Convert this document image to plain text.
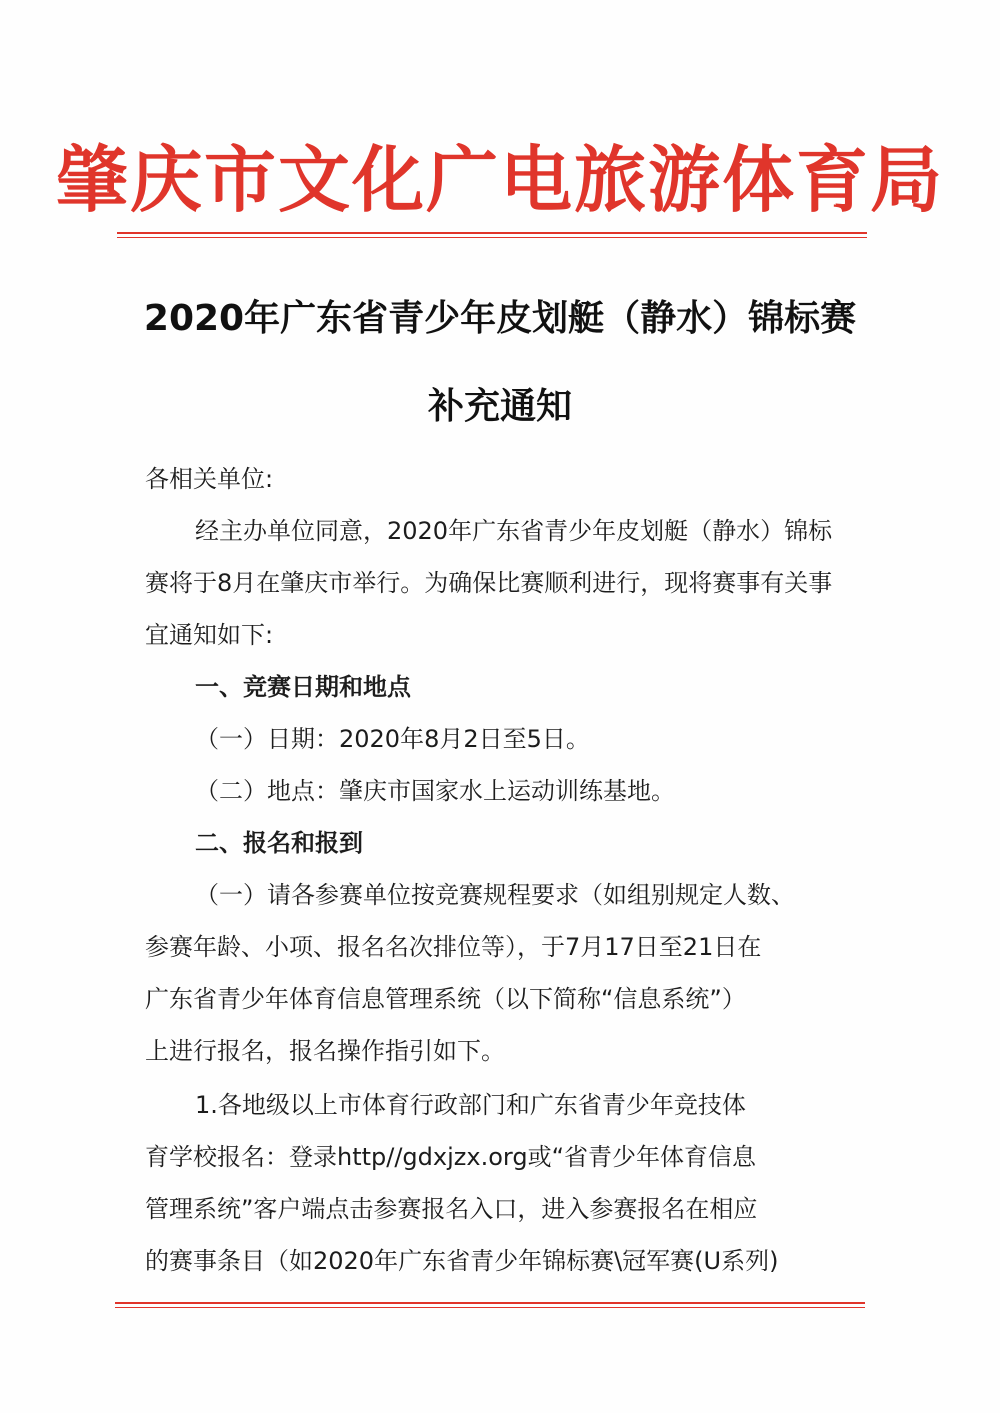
肇庆市文化广电旅游体育局
2020年广东省青少年皮划艇（静水）锦标赛
补充通知
各相关单位:
经主办单位同意，2020年广东省青少年皮划艇（静水）锦标
赛将于8月在肇庆市举行。为确保比赛顺利进行，现将赛事有关事
宜通知如下:
一、竞赛日期和地点
（一）日期：2020年8月2日至5日。
（二）地点：肇庆市国家水上运动训练基地。
二、报名和报到
（一）请各参赛单位按竞赛规程要求（如组别规定人数、
参赛年龄、小项、报名名次排位等），于7月17日至21日在
广东省青少年体育信息管理系统（以下简称“信息系统”）
上进行报名，报名操作指引如下。
1.各地级以上市体育行政部门和广东省青少年竞技体
育学校报名：登录http//gdxjzx.org或“省青少年体育信息
管理系统”客户端点击参赛报名入口，进入参赛报名在相应
的赛事条目（如2020年广东省青少年锦标赛\冠军赛(U系列)
